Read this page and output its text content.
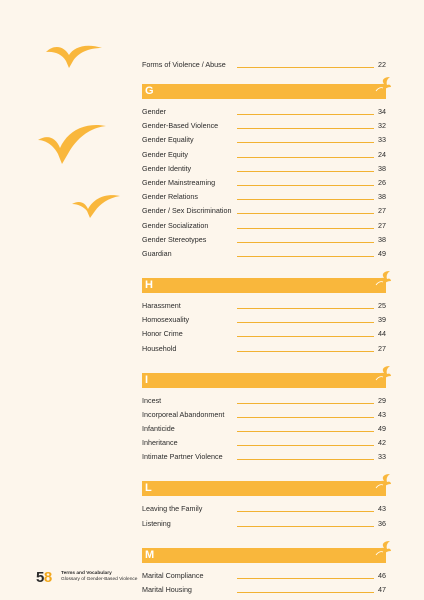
Forms of Violence / Abuse	22
G
Gender	34
Gender-Based Violence	32
Gender Equality	33
Gender Equity	24
Gender Identity	38
Gender Mainstreaming	26
Gender Relations	38
Gender / Sex Discrimination	27
Gender Socialization	27
Gender Stereotypes	38
Guardian	49
H
Harassment	25
Homosexuality	39
Honor Crime	44
Household	27
I
Incest	29
Incorporeal Abandonment	43
Infanticide	49
Inheritance	42
Intimate Partner Violence	33
L
Leaving the Family	43
Listening	36
M
Marital Compliance	46
Marital Housing	47
58 Terms and Vocabulary
Glossary of Gender-Based Violence
